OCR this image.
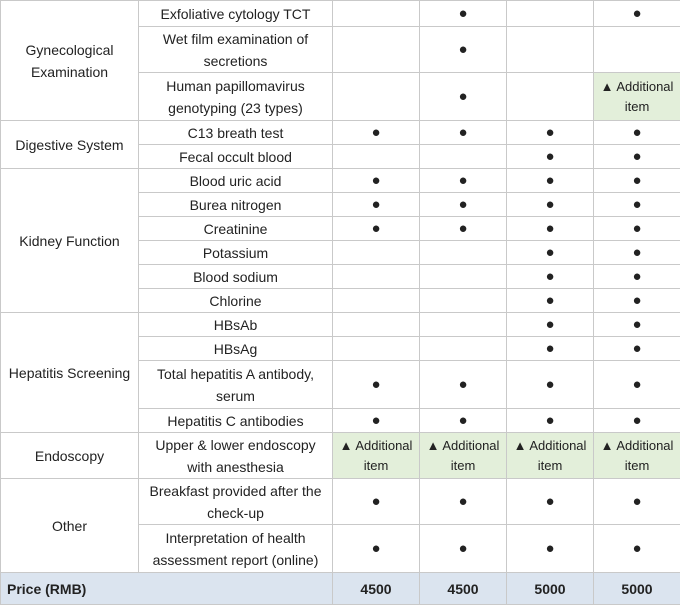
Gynecological Examination	Exfoliative cytology TCT		●		●
	Wet film examination of secretions		●		
	Human papillomavirus genotyping (23 types)		●		▲ Additional item
Digestive System	C13 breath test	●	●	●	●
	Fecal occult blood			●	●
Kidney Function	Blood uric acid	●	●	●	●
	Burea nitrogen	●	●	●	●
	Creatinine	●	●	●	●
	Potassium			●	●
	Blood sodium			●	●
	Chlorine			●	●
Hepatitis Screening	HBsAb			●	●
	HBsAg			●	●
	Total hepatitis A antibody, serum	●	●	●	●
	Hepatitis C antibodies	●	●	●	●
Endoscopy	Upper & lower endoscopy with anesthesia	▲ Additional item	▲ Additional item	▲ Additional item	▲ Additional item
Other	Breakfast provided after the check-up	●	●	●	●
	Interpretation of health assessment report (online)	●	●	●	●
Price (RMB)		4500	4500	5000	5000
